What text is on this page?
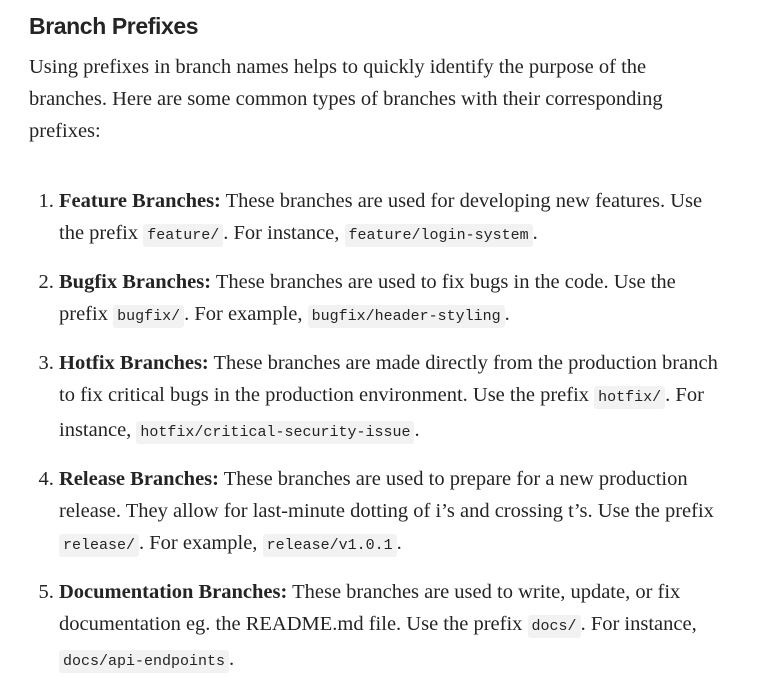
Branch Prefixes

Using prefixes in branch names helps to quickly identify the purpose of the branches. Here are some common types of branches with their corresponding prefixes:

1. Feature Branches: These branches are used for developing new features. Use the prefix feature/ . For instance, feature/login-system .
2. Bugfix Branches: These branches are used to fix bugs in the code. Use the prefix bugfix/ . For example, bugfix/header-styling .
3. Hotfix Branches: These branches are made directly from the production branch to fix critical bugs in the production environment. Use the prefix hotfix/ . For instance, hotfix/critical-security-issue .
4. Release Branches: These branches are used to prepare for a new production release. They allow for last-minute dotting of i’s and crossing t’s. Use the prefix release/ . For example, release/v1.0.1 .
5. Documentation Branches: These branches are used to write, update, or fix documentation eg. the README.md file. Use the prefix docs/ . For instance, docs/api-endpoints .
